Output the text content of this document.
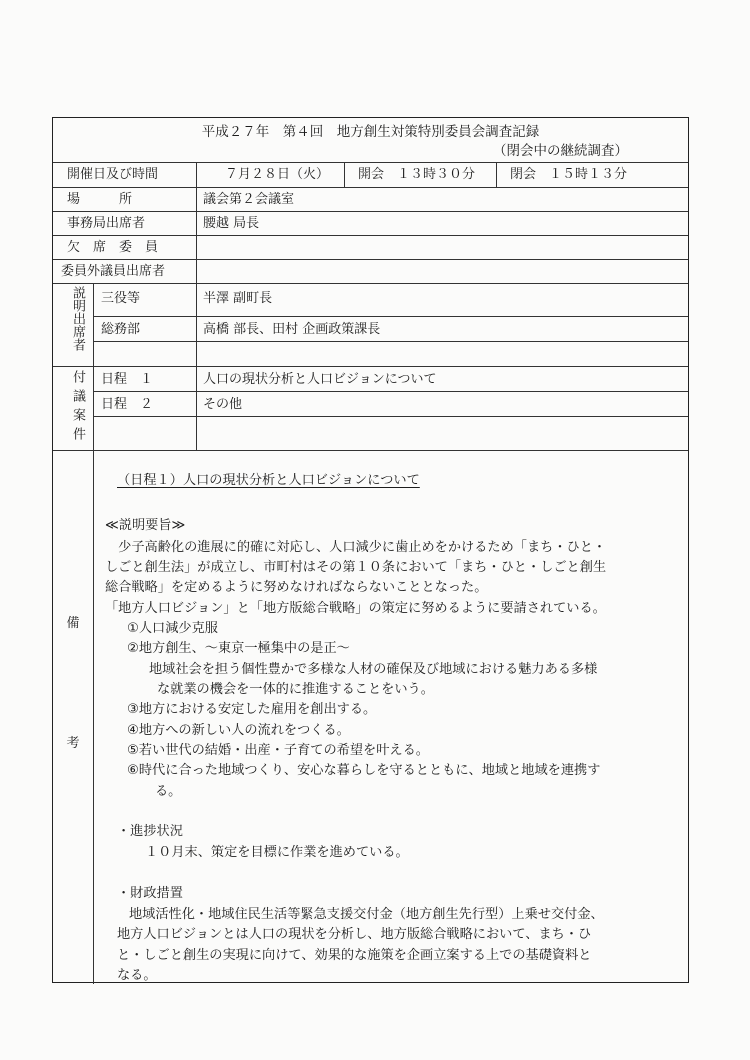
平成２７年　第４回　地方創生対策特別委員会調査記録
（閉会中の継続調査）
開催日及び時間	７月２８日（火） 開会　１３時３０分	閉会　１５時１３分
場　　　所	議会第２会議室
事務局出席者	腰越 局長
欠　席　委　員
委員外議員出席者
説明出席者 三役等	半澤 副町長
総務部	高橋 部長、田村 企画政策課長
付議案件 日程　１	人口の現状分析と人口ビジョンについて
日程　２	その他
備
考
（日程１）人口の現状分析と人口ビジョンについて
≪説明要旨≫
　少子高齢化の進展に的確に対応し、人口減少に歯止めをかけるため「まち・ひと・
しごと創生法」が成立し、市町村はその第１０条において「まち・ひと・しごと創生
総合戦略」を定めるように努めなければならないこととなった。
「地方人口ビジョン」と「地方版総合戦略」の策定に努めるように要請されている。
①人口減少克服
②地方創生、～東京一極集中の是正～
地域社会を担う個性豊かで多様な人材の確保及び地域における魅力ある多様
な就業の機会を一体的に推進することをいう。
③地方における安定した雇用を創出する。
④地方への新しい人の流れをつくる。
⑤若い世代の結婚・出産・子育ての希望を叶える。
⑥時代に合った地域つくり、安心な暮らしを守るとともに、地域と地域を連携す
る。
・進捗状況
１０月末、策定を目標に作業を進めている。
・財政措置
地域活性化・地域住民生活等緊急支援交付金（地方創生先行型）上乗せ交付金、
地方人口ビジョンとは人口の現状を分析し、地方版総合戦略において、まち・ひ
と・しごと創生の実現に向けて、効果的な施策を企画立案する上での基礎資料と
なる。
